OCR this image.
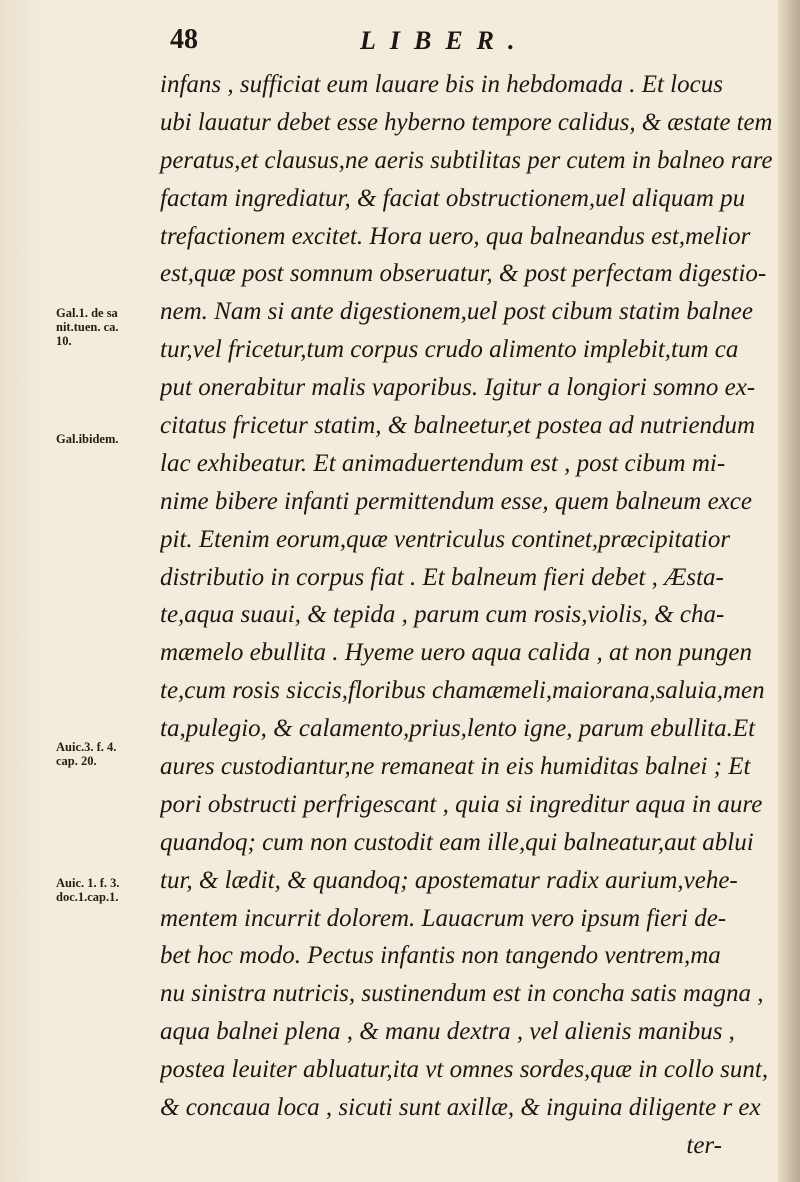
48	LIBER.
infans , sufficiat eum lauare bis in hebdomada . Et locus
ubi lauatur debet esse hyberno tempore calidus, & æstate tem
peratus,et clausus,ne aeris subtilitas per cutem in balneo rare
factam ingrediatur, & faciat obstructionem,uel aliquam pu
trefactionem excitet. Hora uero, qua balneandus est,melior
est,quæ post somnum obseruatur, & post perfectam digestio-
nem. Nam si ante digestionem,uel post cibum statim balnee
tur,vel fricetur,tum corpus crudo alimento implebit,tum ca
put onerabitur malis vaporibus. Igitur a longiori somno ex-
citatus fricetur statim, & balneetur,et postea ad nutriendum
lac exhibeatur. Et animaduertendum est , post cibum mi-
nime bibere infanti permittendum esse, quem balneum exce
pit. Etenim eorum,quæ ventriculus continet,præcipitatior
distributio in corpus fiat . Et balneum fieri debet , Æsta-
te,aqua suaui, & tepida , parum cum rosis,violis, & cha-
mæmelo ebullita . Hyeme uero aqua calida , at non pungen
te,cum rosis siccis,floribus chamæmeli,maiorana,saluia,men
ta,pulegio, & calamento,prius,lento igne, parum ebullita.Et
aures custodiantur,ne remaneat in eis humiditas balnei ; Et
pori obstructi perfrigescant , quia si ingreditur aqua in aure
quandoq; cum non custodit eam ille,qui balneatur,aut ablui
tur, & lædit, & quandoq; apostematur radix aurium,vehe-
mentem incurrit dolorem. Lauacrum vero ipsum fieri de-
bet hoc modo. Pectus infantis non tangendo ventrem,ma
nu sinistra nutricis, sustinendum est in concha satis magna ,
aqua balnei plena , & manu dextra , vel alienis manibus ,
postea leuiter abluatur,ita vt omnes sordes,quæ in collo sunt,
& concaua loca , sicuti sunt axillæ, & inguina diligente r ex
ter-
Gal.1. de sa
nit.tuen. ca.
10.
Gal.ibidem.
Auic.3. f. 4.
cap. 20.
Auic. 1. f. 3.
doc.1.cap.1.
